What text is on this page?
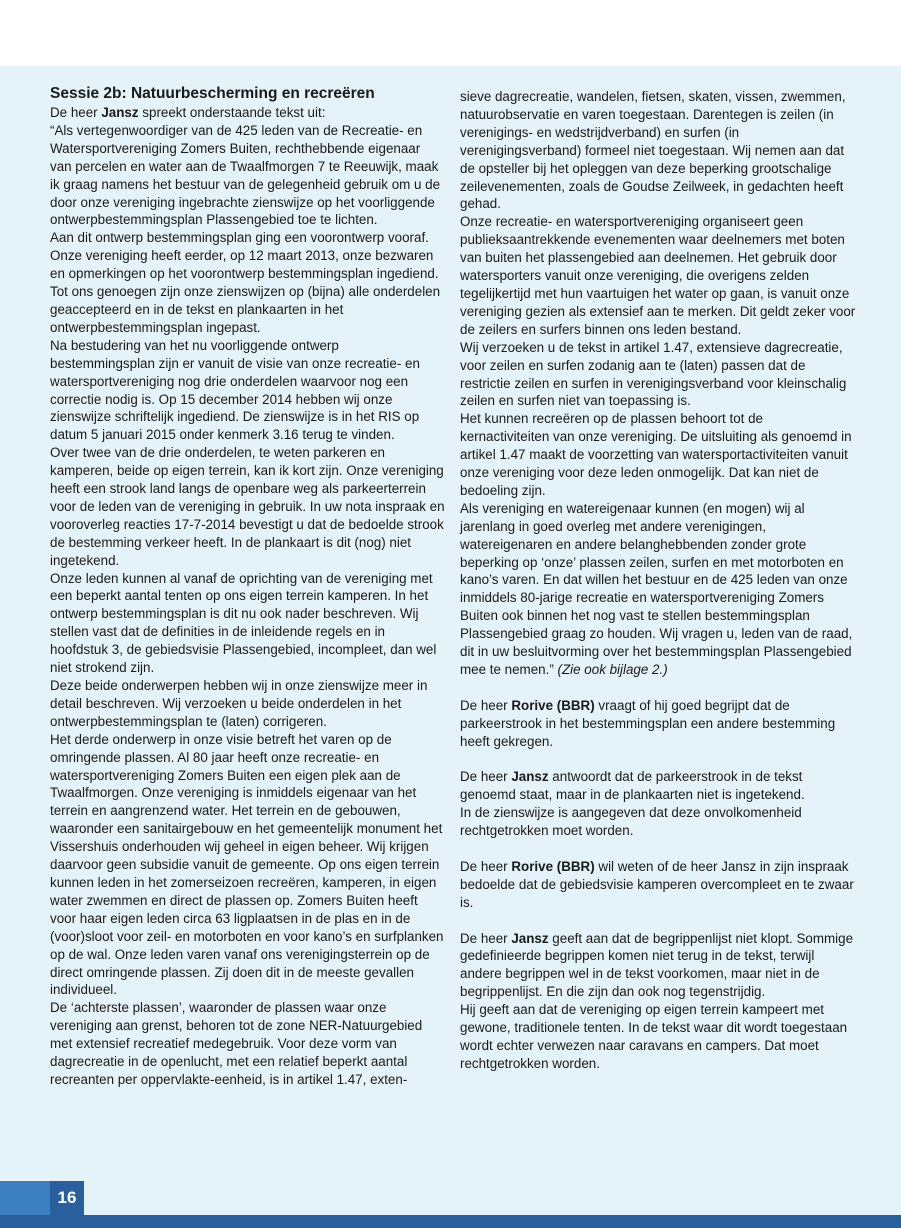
Sessie 2b: Natuurbescherming en recreëren

De heer Jansz spreekt onderstaande tekst uit:

“Als vertegenwoordiger van de 425 leden van de Recreatie- en Watersportvereniging Zomers Buiten, rechthebbende eigenaar van percelen en water aan de Twaalfmorgen 7 te Reeuwijk, maak ik graag namens het bestuur van de gelegenheid gebruik om u de door onze vereniging ingebrachte zienswijze op het voorliggende ontwerpbestemmingsplan Plassengebied toe te lichten.

Aan dit ontwerp bestemmingsplan ging een voorontwerp vooraf. Onze vereniging heeft eerder, op 12 maart 2013, onze bezwaren en opmerkingen op het voorontwerp bestemmingsplan ingediend. Tot ons genoegen zijn onze zienswijzen op (bijna) alle onderdelen geaccepteerd en in de tekst en plankaarten in het ontwerpbestemmingsplan ingepast.

Na bestudering van het nu voorliggende ontwerp bestemmingsplan zijn er vanuit de visie van onze recreatie- en watersportvereniging nog drie onderdelen waarvoor nog een correctie nodig is. Op 15 december 2014 hebben wij onze zienswijze schriftelijk ingediend. De zienswijze is in het RIS op datum 5 januari 2015 onder kenmerk 3.16 terug te vinden.

Over twee van de drie onderdelen, te weten parkeren en kamperen, beide op eigen terrein, kan ik kort zijn. Onze vereniging heeft een strook land langs de openbare weg als parkeerterrein voor de leden van de vereniging in gebruik. In uw nota inspraak en vooroverleg reacties 17-7-2014 bevestigt u dat de bedoelde strook de bestemming verkeer heeft. In de plankaart is dit (nog) niet ingetekend.

Onze leden kunnen al vanaf de oprichting van de vereniging met een beperkt aantal tenten op ons eigen terrein kamperen. In het ontwerp bestemmingsplan is dit nu ook nader beschreven. Wij stellen vast dat de definities in de inleidende regels en in hoofdstuk 3, de gebiedsvisie Plassengebied, incompleet, dan wel niet strokend zijn.

Deze beide onderwerpen hebben wij in onze zienswijze meer in detail beschreven. Wij verzoeken u beide onderdelen in het ontwerpbestemmingsplan te (laten) corrigeren.

Het derde onderwerp in onze visie betreft het varen op de omringende plassen. Al 80 jaar heeft onze recreatie- en watersportvereniging Zomers Buiten een eigen plek aan de Twaalfmorgen. Onze vereniging is inmiddels eigenaar van het terrein en aangrenzend water. Het terrein en de gebouwen, waaronder een sanitairgebouw en het gemeentelijk monument het Vissershuis onderhouden wij geheel in eigen beheer. Wij krijgen daarvoor geen subsidie vanuit de gemeente. Op ons eigen terrein kunnen leden in het zomerseizoen recreëren, kamperen, in eigen water zwemmen en direct de plassen op. Zomers Buiten heeft voor haar eigen leden circa 63 ligplaatsen in de plas en in de (voor)sloot voor zeil- en motorboten en voor kano’s en surfplanken op de wal. Onze leden varen vanaf ons verenigingsterrein op de direct omringende plassen. Zij doen dit in de meeste gevallen individueel.

De ‘achterste plassen’, waaronder de plassen waar onze vereniging aan grenst, behoren tot de zone NER-Natuurgebied met extensief recreatief medegebruik. Voor deze vorm van dagrecreatie in de openlucht, met een relatief beperkt aantal recreanten per oppervlakte-eenheid, is in artikel 1.47, exten-

sieve dagrecreatie, wandelen, fietsen, skaten, vissen, zwemmen, natuurobservatie en varen toegestaan. Darentegen is zeilen (in verenigings- en wedstrijdverband) en surfen (in verenigingsverband) formeel niet toegestaan. Wij nemen aan dat de opsteller bij het opleggen van deze beperking grootschalige zeilevenementen, zoals de Goudse Zeilweek, in gedachten heeft gehad.

Onze recreatie- en watersportvereniging organiseert geen publieksaantrekkende evenementen waar deelnemers met boten van buiten het plassengebied aan deelnemen. Het gebruik door watersporters vanuit onze vereniging, die overigens zelden tegelijkertijd met hun vaartuigen het water op gaan, is vanuit onze vereniging gezien als extensief aan te merken. Dit geldt zeker voor de zeilers en surfers binnen ons leden bestand.

Wij verzoeken u de tekst in artikel 1.47, extensieve dagrecreatie, voor zeilen en surfen zodanig aan te (laten) passen dat de restrictie zeilen en surfen in verenigingsverband voor kleinschalig zeilen en surfen niet van toepassing is.

Het kunnen recreëren op de plassen behoort tot de kernactiviteiten van onze vereniging. De uitsluiting als genoemd in artikel 1.47 maakt de voorzetting van watersportactiviteiten vanuit onze vereniging voor deze leden onmogelijk. Dat kan niet de bedoeling zijn.

Als vereniging en watereigenaar kunnen (en mogen) wij al jarenlang in goed overleg met andere verenigingen, watereigenaren en andere belanghebbenden zonder grote beperking op ‘onze’ plassen zeilen, surfen en met motorboten en kano’s varen. En dat willen het bestuur en de 425 leden van onze inmiddels 80-jarige recreatie en watersportvereniging Zomers Buiten ook binnen het nog vast te stellen bestemmingsplan Plassengebied graag zo houden. Wij vragen u, leden van de raad, dit in uw besluitvorming over het bestemmingsplan Plassengebied mee te nemen.” (Zie ook bijlage 2.)

De heer Rorive (BBR) vraagt of hij goed begrijpt dat de parkeerstrook in het bestemmingsplan een andere bestemming heeft gekregen.

De heer Jansz antwoordt dat de parkeerstrook in de tekst genoemd staat, maar in de plankaarten niet is ingetekend.

In de zienswijze is aangegeven dat deze onvolkomenheid rechtgetrokken moet worden.

De heer Rorive (BBR) wil weten of de heer Jansz in zijn inspraak bedoelde dat de gebiedsvisie kamperen overcompleet en te zwaar is.

De heer Jansz geeft aan dat de begrippenlijst niet klopt. Sommige gedefinieerde begrippen komen niet terug in de tekst, terwijl andere begrippen wel in de tekst voorkomen, maar niet in de begrippenlijst. En die zijn dan ook nog tegenstrijdig.

Hij geeft aan dat de vereniging op eigen terrein kampeert met gewone, traditionele tenten. In de tekst waar dit wordt toegestaan wordt echter verwezen naar caravans en campers. Dat moet rechtgetrokken worden.

16
